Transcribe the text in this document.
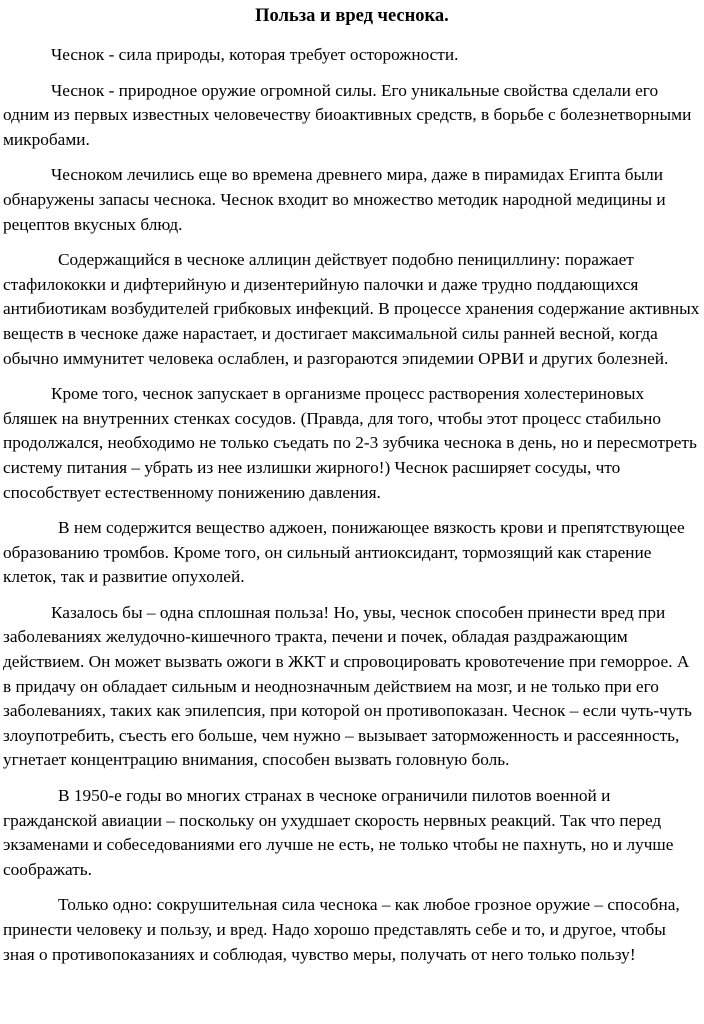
Польза и вред чеснока.

Чеснок - сила природы, которая требует осторожности.

Чеснок - природное оружие огромной силы. Его уникальные свойства сделали его одним из первых известных человечеству биоактивных средств, в борьбе с болезнетворными микробами.

Чесноком лечились еще во времена древнего мира, даже в пирамидах Египта были обнаружены запасы чеснока. Чеснок входит во множество методик народной медицины и рецептов вкусных блюд.

Содержащийся в чесноке аллицин действует подобно пенициллину: поражает стафилококки и дифтерийную и дизентерийную палочки и даже трудно поддающихся антибиотикам возбудителей грибковых инфекций. В процессе хранения содержание активных веществ в чесноке даже нарастает, и достигает максимальной силы ранней весной, когда обычно иммунитет человека ослаблен, и разгораются эпидемии ОРВИ и других болезней.

Кроме того, чеснок запускает в организме процесс растворения холестериновых бляшек на внутренних стенках сосудов. (Правда, для того, чтобы этот процесс стабильно продолжался, необходимо не только съедать по 2-3 зубчика чеснока в день, но и пересмотреть систему питания – убрать из нее излишки жирного!) Чеснок расширяет сосуды, что способствует естественному понижению давления.

В нем содержится вещество аджоен, понижающее вязкость крови и препятствующее образованию тромбов. Кроме того, он сильный антиоксидант, тормозящий как старение клеток, так и развитие опухолей.

Казалось бы – одна сплошная польза! Но, увы, чеснок способен принести вред при заболеваниях желудочно-кишечного тракта, печени и почек, обладая раздражающим действием. Он может вызвать ожоги в ЖКТ и спровоцировать кровотечение при геморрое. А в придачу он обладает сильным и неоднозначным действием на мозг, и не только при его заболеваниях, таких как эпилепсия, при которой он противопоказан. Чеснок – если чуть-чуть злоупотребить, съесть его больше, чем нужно – вызывает заторможенность и рассеянность, угнетает концентрацию внимания, способен вызвать головную боль.

В 1950-е годы во многих странах в чесноке ограничили пилотов военной и гражданской авиации – поскольку он ухудшает скорость нервных реакций. Так что перед экзаменами и собеседованиями его лучше не есть, не только чтобы не пахнуть, но и лучше соображать.

Только одно: сокрушительная сила чеснока – как любое грозное оружие – способна, принести человеку и пользу, и вред. Надо хорошо представлять себе и то, и другое, чтобы зная о противопоказаниях и соблюдая, чувство меры, получать от него только пользу!
